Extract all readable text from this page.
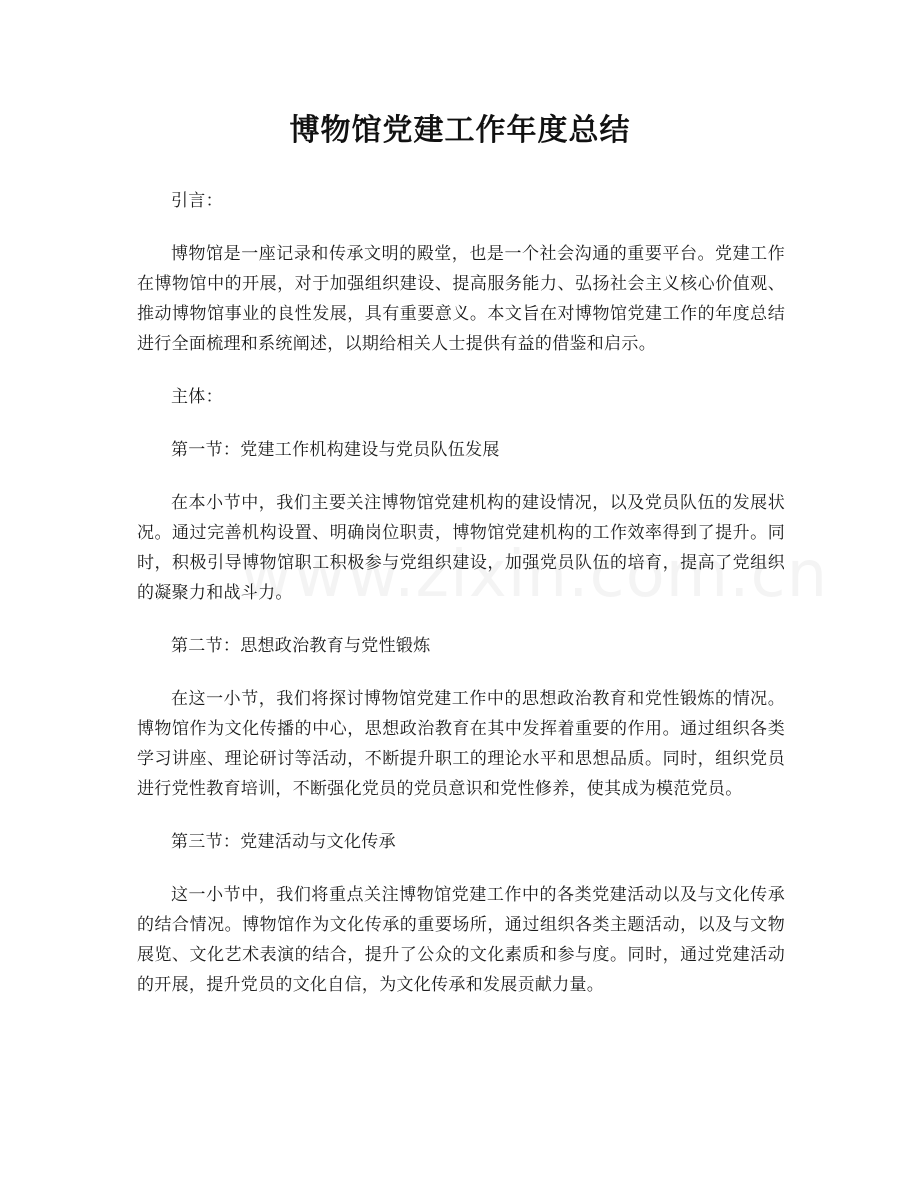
博物馆党建工作年度总结

引言：

博物馆是一座记录和传承文明的殿堂，也是一个社会沟通的重要平台。党建工作在博物馆中的开展，对于加强组织建设、提高服务能力、弘扬社会主义核心价值观、推动博物馆事业的良性发展，具有重要意义。本文旨在对博物馆党建工作的年度总结进行全面梳理和系统阐述，以期给相关人士提供有益的借鉴和启示。

主体：

第一节：党建工作机构建设与党员队伍发展

在本小节中，我们主要关注博物馆党建机构的建设情况，以及党员队伍的发展状况。通过完善机构设置、明确岗位职责，博物馆党建机构的工作效率得到了提升。同时，积极引导博物馆职工积极参与党组织建设，加强党员队伍的培育，提高了党组织的凝聚力和战斗力。

第二节：思想政治教育与党性锻炼

在这一小节，我们将探讨博物馆党建工作中的思想政治教育和党性锻炼的情况。博物馆作为文化传播的中心，思想政治教育在其中发挥着重要的作用。通过组织各类学习讲座、理论研讨等活动，不断提升职工的理论水平和思想品质。同时，组织党员进行党性教育培训，不断强化党员的党员意识和党性修养，使其成为模范党员。

第三节：党建活动与文化传承

这一小节中，我们将重点关注博物馆党建工作中的各类党建活动以及与文化传承的结合情况。博物馆作为文化传承的重要场所，通过组织各类主题活动，以及与文物展览、文化艺术表演的结合，提升了公众的文化素质和参与度。同时，通过党建活动的开展，提升党员的文化自信，为文化传承和发展贡献力量。
